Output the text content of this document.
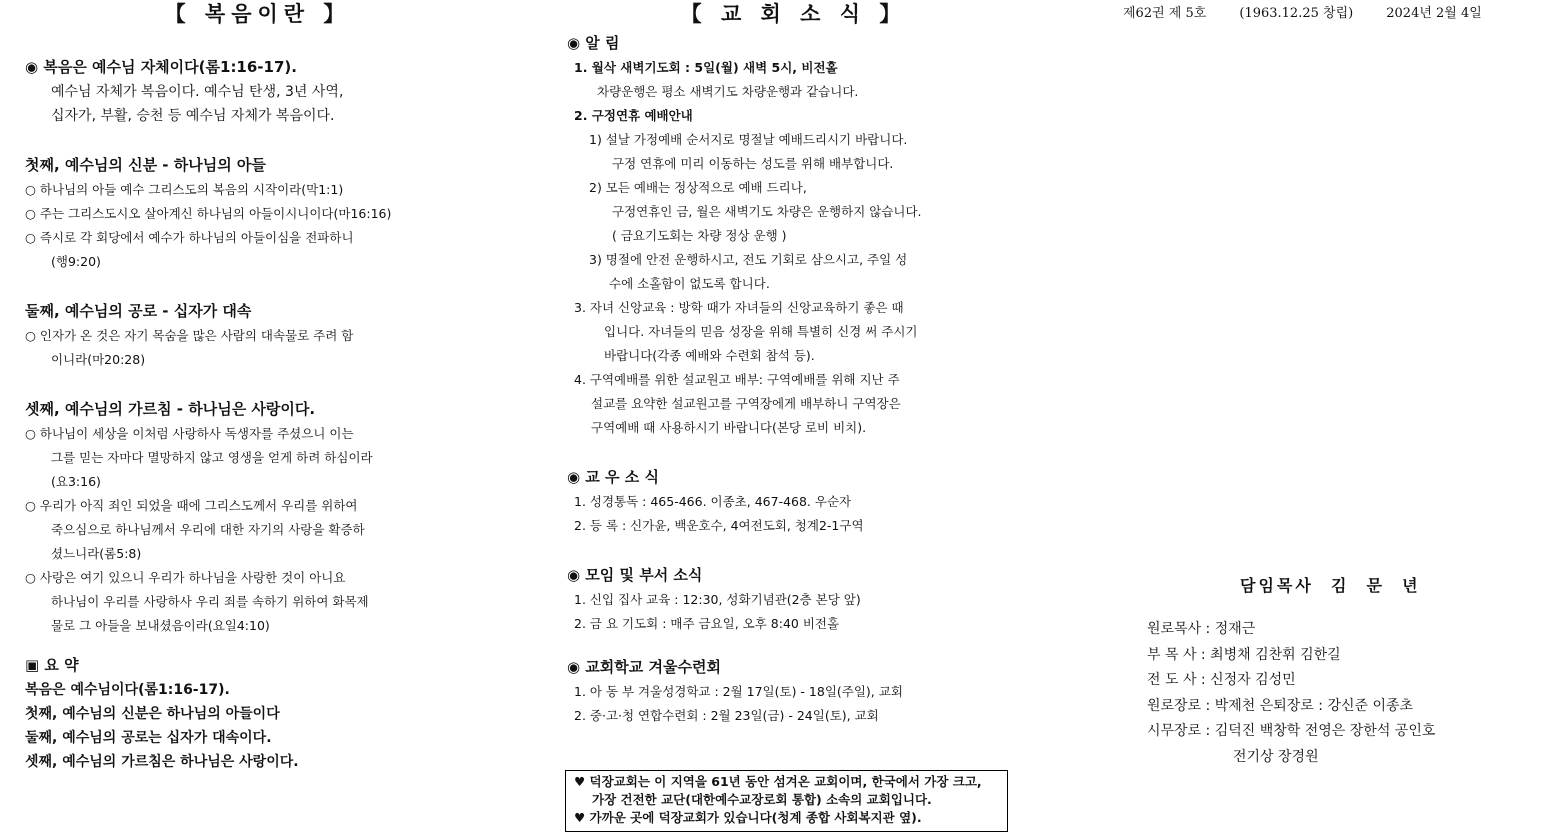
제62권 제 5호	(1963.12.25 창립)	2024년 2월 4일
【 복음이란 】
◉ 복음은 예수님 자체이다(롬1:16-17).
예수님 자체가 복음이다. 예수님 탄생, 3년 사역,
십자가, 부활, 승천 등 예수님 자체가 복음이다.
첫째, 예수님의 신분 - 하나님의 아들
○ 하나님의 아들 예수 그리스도의 복음의 시작이라(막1:1)
○ 주는 그리스도시오 살아계신 하나님의 아들이시니이다(마16:16)
○ 즉시로 각 회당에서 예수가 하나님의 아들이심을 전파하니
(행9:20)
둘째, 예수님의 공로 - 십자가 대속
○ 인자가 온 것은 자기 목숨을 많은 사람의 대속물로 주려 함
이니라(마20:28)
셋째, 예수님의 가르침 - 하나님은 사랑이다.
○ 하나님이 세상을 이처럼 사랑하사 독생자를 주셨으니 이는
그를 믿는 자마다 멸망하지 않고 영생을 얻게 하려 하심이라
(요3:16)
○ 우리가 아직 죄인 되었을 때에 그리스도께서 우리를 위하여
죽으심으로 하나님께서 우리에 대한 자기의 사랑을 확증하
셨느니라(롬5:8)
○ 사랑은 여기 있으니 우리가 하나님을 사랑한 것이 아니요
하나님이 우리를 사랑하사 우리 죄를 속하기 위하여 화목제
물로 그 아들을 보내셨음이라(요일4:10)
▣ 요 약
복음은 예수님이다(롬1:16-17).
첫째, 예수님의 신분은 하나님의 아들이다
둘째, 예수님의 공로는 십자가 대속이다.
셋째, 예수님의 가르침은 하나님은 사랑이다.
【 교 회 소 식 】
◉ 알 림
1. 월삭 새벽기도회 : 5일(월) 새벽 5시, 비전홀
차량운행은 평소 새벽기도 차량운행과 같습니다.
2. 구정연휴 예배안내
1) 설날 가정예배 순서지로 명절날 예배드리시기 바랍니다.
구정 연휴에 미리 이동하는 성도를 위해 배부합니다.
2) 모든 예배는 정상적으로 예배 드리나,
구정연휴인 금, 월은 새벽기도 차량은 운행하지 않습니다.
( 금요기도회는 차량 정상 운행 )
3) 명절에 안전 운행하시고, 전도 기회로 삼으시고, 주일 성
수에 소홀함이 없도록 합니다.
3. 자녀 신앙교육 : 방학 때가 자녀들의 신앙교육하기 좋은 때
입니다. 자녀들의 믿음 성장을 위해 특별히 신경 써 주시기
바랍니다(각종 예배와 수련회 참석 등).
4. 구역예배를 위한 설교원고 배부: 구역예배를 위해 지난 주
설교를 요약한 설교원고를 구역장에게 배부하니 구역장은
구역예배 때 사용하시기 바랍니다(본당 로비 비치).
◉ 교 우 소 식
1. 성경통독 : 465-466. 이종초, 467-468. 우순자
2. 등 록 : 신가윤, 백운호수, 4여전도회, 청계2-1구역
◉ 모임 및 부서 소식
1. 신입 집사 교육 : 12:30, 성화기념관(2층 본당 앞)
2. 금 요 기도회 : 매주 금요일, 오후 8:40 비전홀
◉ 교회학교 겨울수련회
1. 아 동 부 겨울성경학교 : 2월 17일(토) - 18일(주일), 교회
2. 중·고·청 연합수련회 : 2월 23일(금) - 24일(토), 교회
♥ 덕장교회는 이 지역을 61년 동안 섬겨온 교회이며, 한국에서 가장 크고,
가장 건전한 교단(대한예수교장로회 통합) 소속의 교회입니다.
♥ 가까운 곳에 덕장교회가 있습니다(청계 종합 사회복지관 옆).
담임목사  김  문  년
원로목사 : 정재근
부 목 사 : 최병채 김찬휘 김한길
전 도 사 : 신정자 김성민
원로장로 : 박제천 은퇴장로 : 강신준 이종초
시무장로 : 김덕진 백창학 전영은 장한석 공인호
전기상 장경원
